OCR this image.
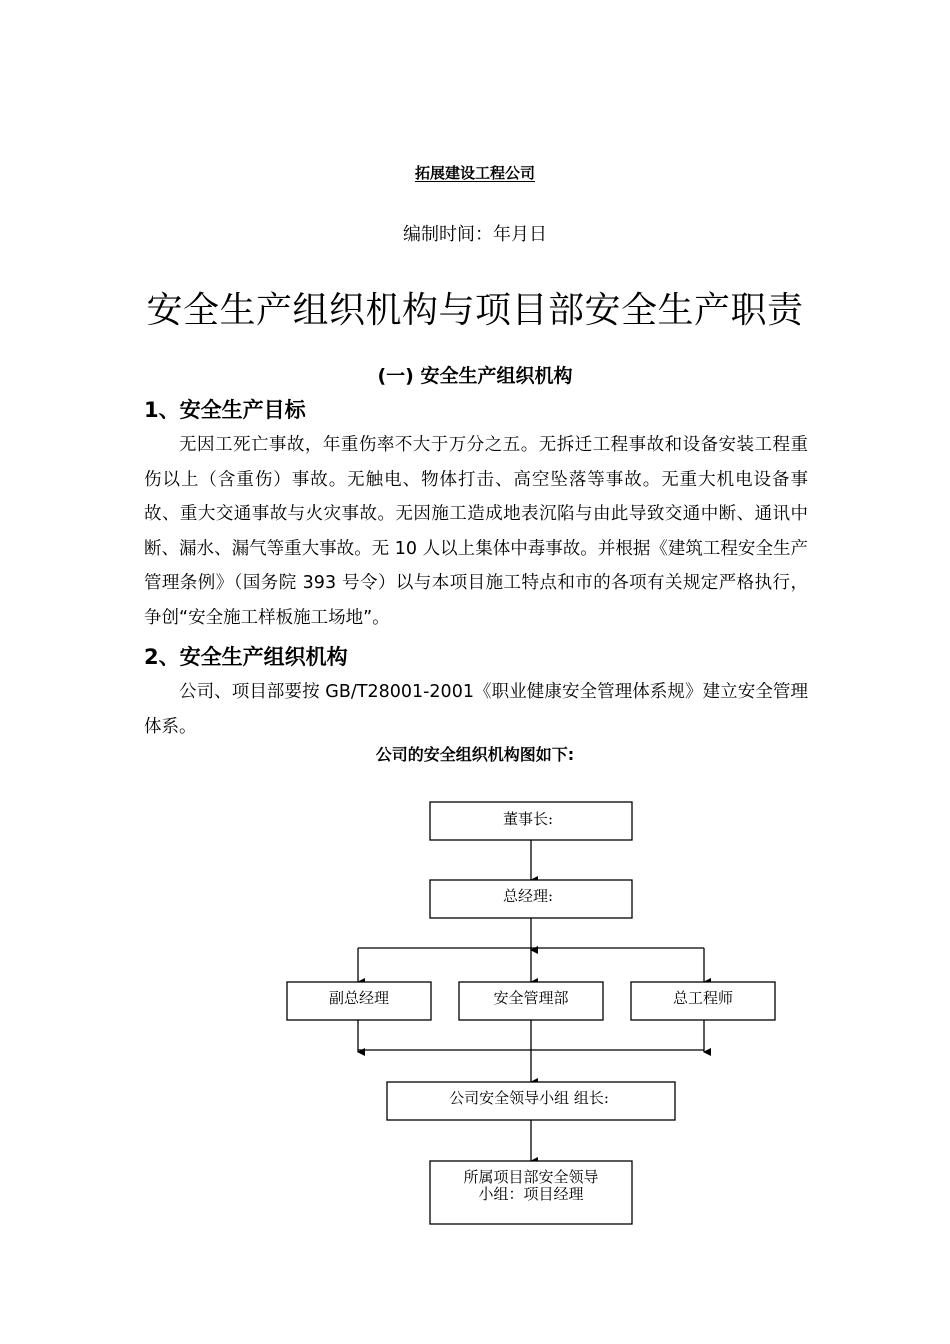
拓展建设工程公司
编制时间：年月日
安全生产组织机构与项目部安全生产职责
(一) 安全生产组织机构
1、安全生产目标

无因工死亡事故，年重伤率不大于万分之五。无拆迁工程事故和设备安装工程重伤以上（含重伤）事故。无触电、物体打击、高空坠落等事故。无重大机电设备事故、重大交通事故与火灾事故。无因施工造成地表沉陷与由此导致交通中断、通讯中断、漏水、漏气等重大事故。无 10 人以上集体中毒事故。并根据《建筑工程安全生产管理条例》（国务院 393 号令）以与本项目施工特点和市的各项有关规定严格执行，争创“安全施工样板施工场地”。

2、安全生产组织机构

公司、项目部要按 GB/T28001-2001《职业健康安全管理体系规》建立安全管理体系。

公司的安全组织机构图如下:
董事长:
总经理:
副总经理	安全管理部	总工程师
公司安全领导小组 组长:
所属项目部安全领导
小组：项目经理
